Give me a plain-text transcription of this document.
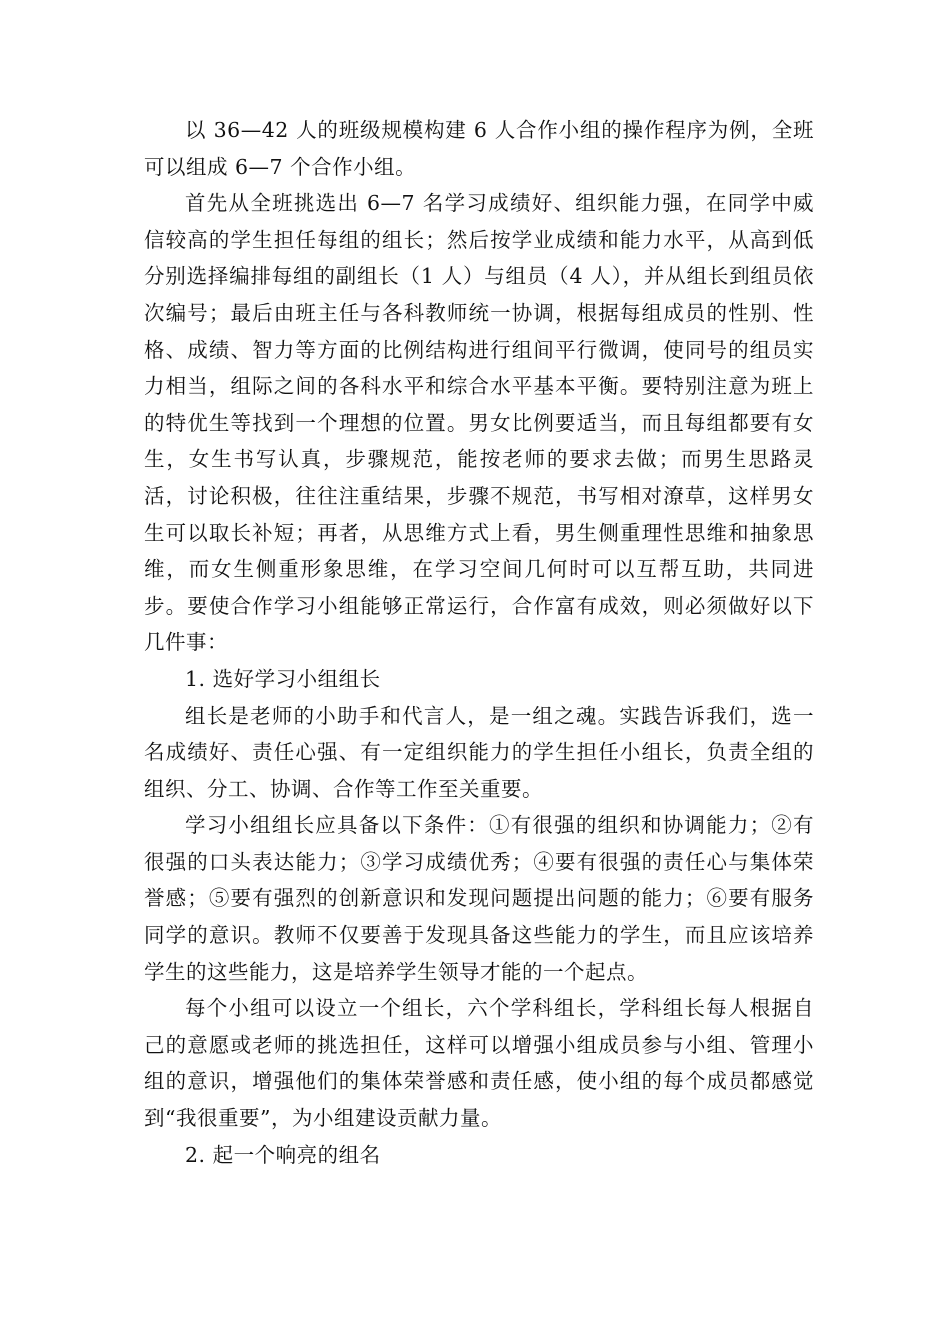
以 36—42 人的班级规模构建 6 人合作小组的操作程序为例，全班可以组成 6—7 个合作小组。

首先从全班挑选出 6—7 名学习成绩好、组织能力强，在同学中威信较高的学生担任每组的组长；然后按学业成绩和能力水平，从高到低分别选择编排每组的副组长（1 人）与组员（4 人），并从组长到组员依次编号；最后由班主任与各科教师统一协调，根据每组成员的性别、性格、成绩、智力等方面的比例结构进行组间平行微调，使同号的组员实力相当，组际之间的各科水平和综合水平基本平衡。要特别注意为班上的特优生等找到一个理想的位置。男女比例要适当，而且每组都要有女生，女生书写认真，步骤规范，能按老师的要求去做；而男生思路灵活，讨论积极，往往注重结果，步骤不规范，书写相对潦草，这样男女生可以取长补短；再者，从思维方式上看，男生侧重理性思维和抽象思维，而女生侧重形象思维，在学习空间几何时可以互帮互助，共同进步。要使合作学习小组能够正常运行，合作富有成效，则必须做好以下几件事：

1. 选好学习小组组长

组长是老师的小助手和代言人，是一组之魂。实践告诉我们，选一名成绩好、责任心强、有一定组织能力的学生担任小组长，负责全组的组织、分工、协调、合作等工作至关重要。

学习小组组长应具备以下条件：①有很强的组织和协调能力；②有很强的口头表达能力；③学习成绩优秀；④要有很强的责任心与集体荣誉感；⑤要有强烈的创新意识和发现问题提出问题的能力；⑥要有服务同学的意识。教师不仅要善于发现具备这些能力的学生，而且应该培养学生的这些能力，这是培养学生领导才能的一个起点。

每个小组可以设立一个组长，六个学科组长，学科组长每人根据自己的意愿或老师的挑选担任，这样可以增强小组成员参与小组、管理小组的意识，增强他们的集体荣誉感和责任感，使小组的每个成员都感觉到“我很重要”，为小组建设贡献力量。

2. 起一个响亮的组名
